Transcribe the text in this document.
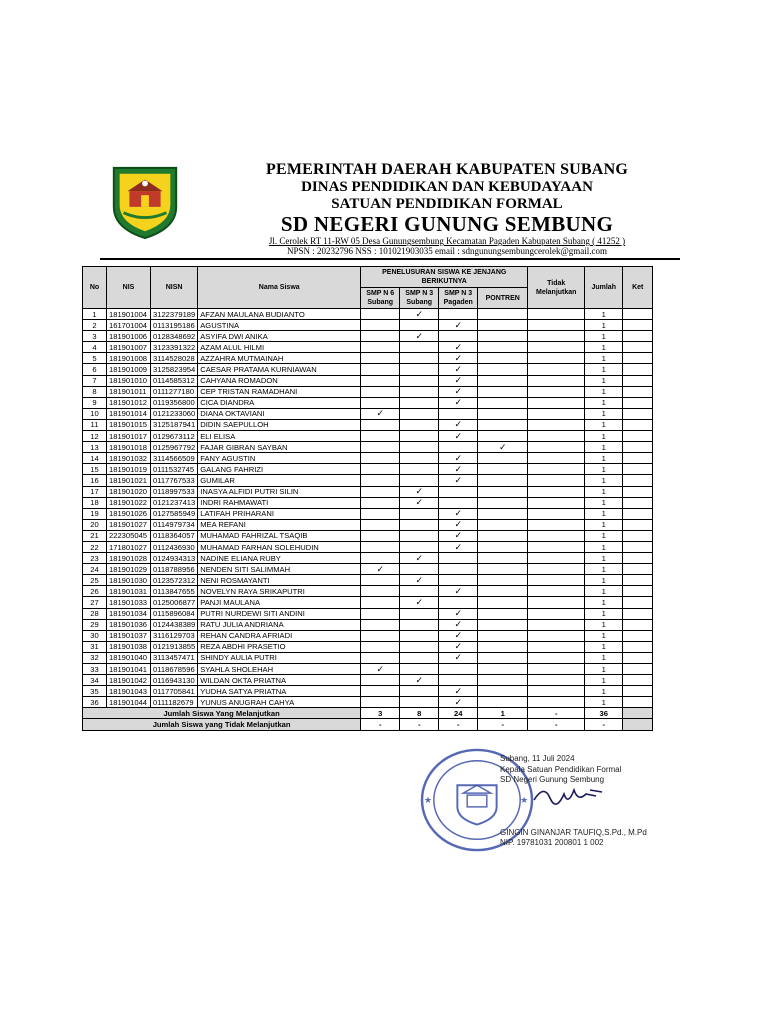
PEMERINTAH DAERAH KABUPATEN SUBANG
DINAS PENDIDIKAN DAN KEBUDAYAAN
SATUAN PENDIDIKAN FORMAL
SD NEGERI GUNUNG SEMBUNG
Jl. Cerolek RT 11-RW 05 Desa Gunungsembung Kecamatan Pagaden Kabupaten Subang ( 41252 )
NPSN : 20232796 NSS : 101021903035 email : sdngunungsembungcerolek@gmail.com
No	NIS	NISN	Nama Siswa	PENELUSURAN SISWA KE JENJANG BERIKUTNYA				Tidak Melanjutkan	Jumlah	Ket
				SMP N 6 Subang	SMP N 3 Subang	SMP N 3 Pagaden	PONTREN			
1	181901004	3122379189	AFZAN MAULANA BUDIANTO		✓				1	
2	161701004	0113195186	AGUSTINA			✓			1	
3	181901006	0128348692	ASYIFA DWI ANIKA		✓				1	
4	181901007	3123391322	AZAM ALUL HILMI			✓			1	
5	181901008	3114528028	AZZAHRA MUTMAINAH			✓			1	
6	181901009	3125823954	CAESAR PRATAMA KURNIAWAN			✓			1	
7	181901010	0114585312	CAHYANA ROMADON			✓			1	
8	181901011	0111277180	CEP TRISTAN RAMADHANI			✓			1	
9	181901012	0119356800	CICA DIANDRA			✓			1	
10	181901014	0121233060	DIANA OKTAVIANI	✓					1	
11	181901015	3125187941	DIDIN SAEPULLOH			✓			1	
12	181901017	0129673112	ELI ELISA			✓			1	
13	181901018	0125967792	FAJAR GIBRAN SAYBAN				✓		1	
14	181901032	3114566509	FANY AGUSTIN			✓			1	
15	181901019	0111532745	GALANG FAHRIZI			✓			1	
16	181901021	0117767533	GUMILAR			✓			1	
17	181901020	0118997533	INASYA ALFIDI PUTRI SILIN		✓				1	
18	181901022	0121237413	INDRI RAHMAWATI		✓				1	
19	181901026	0127585949	LATIFAH PRIHARANI			✓			1	
20	181901027	0114979734	MEA REFANI			✓			1	
21	222305045	0118364057	MUHAMAD FAHRIZAL TSAQIB			✓			1	
22	171801027	0112436930	MUHAMAD FARHAN SOLEHUDIN			✓			1	
23	181901028	0124934313	NADINE ELIANA RUBY		✓				1	
24	181901029	0118788956	NENDEN SITI SALIMMAH	✓					1	
25	181901030	0123572312	NENI ROSMAYANTI		✓				1	
26	181901031	0113847655	NOVELYN RAYA SRIKAPUTRI			✓			1	
27	181901033	0125006877	PANJI MAULANA		✓				1	
28	181901034	0115896084	PUTRI NURDEWI SITI ANDINI			✓			1	
29	181901036	0124438389	RATU JULIA ANDRIANA			✓			1	
30	181901037	3116129703	REHAN CANDRA AFRIADI			✓			1	
31	181901038	0121913855	REZA ABDHI PRASETIO			✓			1	
32	181901040	3113457471	SHINDY AULIA PUTRI			✓			1	
33	181901041	0118678596	SYAHLA SHOLEHAH	✓					1	
34	181901042	0116943130	WILDAN OKTA PRIATNA		✓				1	
35	181901043	0117705841	YUDHA SATYA PRIATNA			✓			1	
36	181901044	0111182679	YUNUS ANUGRAH CAHYA			✓			1	
Jumlah Siswa Yang Melanjutkan				3	8	24	1	-	36	
Jumlah Siswa yang Tidak Melanjutkan				-	-	-	-	-	-	
★	★
Subang, 11 Juli 2024
Kepala Satuan Pendidikan Formal
SD Negeri Gunung Sembung
GINGIN GINANJAR TAUFIQ,S.Pd., M.Pd
NIP. 19781031 200801 1 002
